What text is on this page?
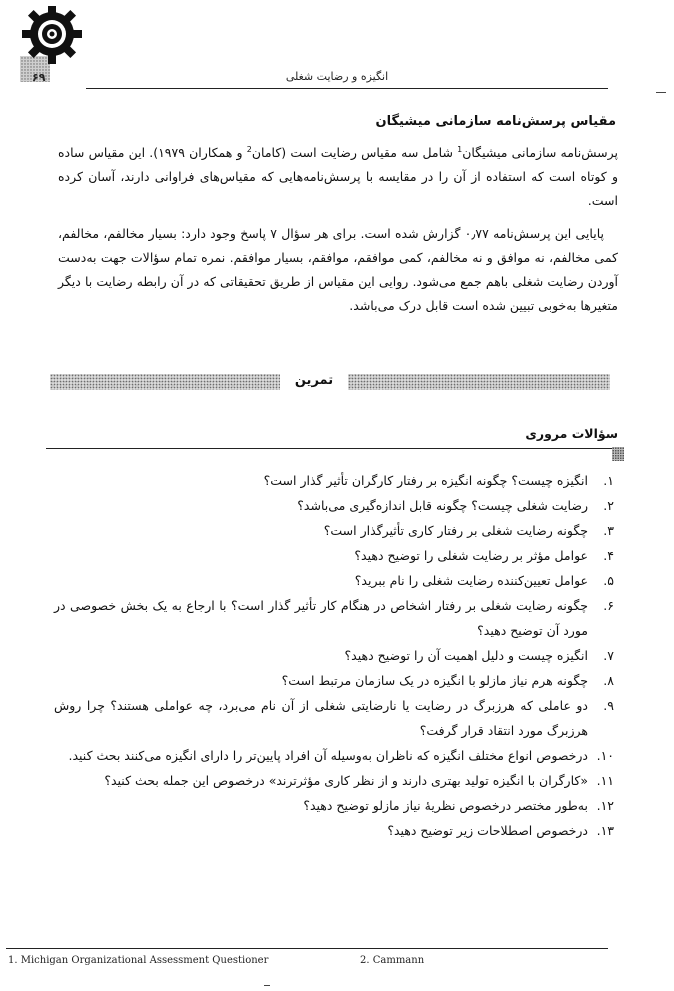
۶۹	انگیزه و رضایت شغلی
مقیاس پرسش‌نامه سازمانی میشیگان

پرسش‌نامه سازمانی میشیگان$^1$ شامل سه مقیاس رضایت است (کامان$^2$ و همکاران ۱۹۷۹). این مقیاس ساده و کوتاه است که استفاده از آن را در مقایسه با پرسش‌نامه‌هایی که مقیاس‌های فراوانی دارند، آسان کرده است.

پایایی این پرسش‌نامه ۰٫۷۷ گزارش شده است. برای هر سؤال ۷ پاسخ وجود دارد: بسیار مخالفم، مخالفم، کمی مخالفم، نه موافق و نه مخالفم، کمی موافقم، موافقم، بسیار موافقم. نمره تمام سؤالات جهت به‌دست آوردن رضایت شغلی باهم جمع می‌شود. روایی این مقیاس از طریق تحقیقاتی که در آن رابطه رضایت با دیگر متغیرها به‌خوبی تبیین شده است قابل درک می‌باشد.

تمرین
سؤالات مروری
۱.
انگیزه چیست؟ چگونه انگیزه بر رفتار کارگران تأثیر گذار است؟
۲.
رضایت شغلی چیست؟ چگونه قابل اندازه‌گیری می‌باشد؟
۳.
چگونه رضایت شغلی بر رفتار کاری تأثیرگذار است؟
۴.
عوامل مؤثر بر رضایت شغلی را توضیح دهید؟
۵.
عوامل تعیین‌کننده رضایت شغلی را نام ببرید؟
۶.
چگونه رضایت شغلی بر رفتار اشخاص در هنگام کار تأثیر گذار است؟ با ارجاع به یک بخش خصوصی در مورد آن توضیح دهید؟
۷.
انگیزه چیست و دلیل اهمیت آن را توضیح دهید؟
۸.
چگونه هرم نیاز مازلو با انگیزه در یک سازمان مرتبط است؟
۹.
دو عاملی که هرزبرگ در رضایت یا نارضایتی شغلی از آن نام می‌برد، چه عواملی هستند؟ چرا روش هرزبرگ مورد انتقاد قرار گرفت؟
۱۰.
درخصوص انواع مختلف انگیزه که ناظران به‌وسیله آن افراد پایین‌تر را دارای انگیزه می‌کنند بحث کنید.
۱۱.
«کارگران با انگیزه تولید بهتری دارند و از نظر کاری مؤثرترند» درخصوص این جمله بحث کنید؟
۱۲.
به‌طور مختصر درخصوص نظریهٔ نیاز مازلو توضیح دهید؟
۱۳.
درخصوص اصطلاحات زیر توضیح دهید؟
1. Michigan Organizational Assessment Questioner	2. Cammann
